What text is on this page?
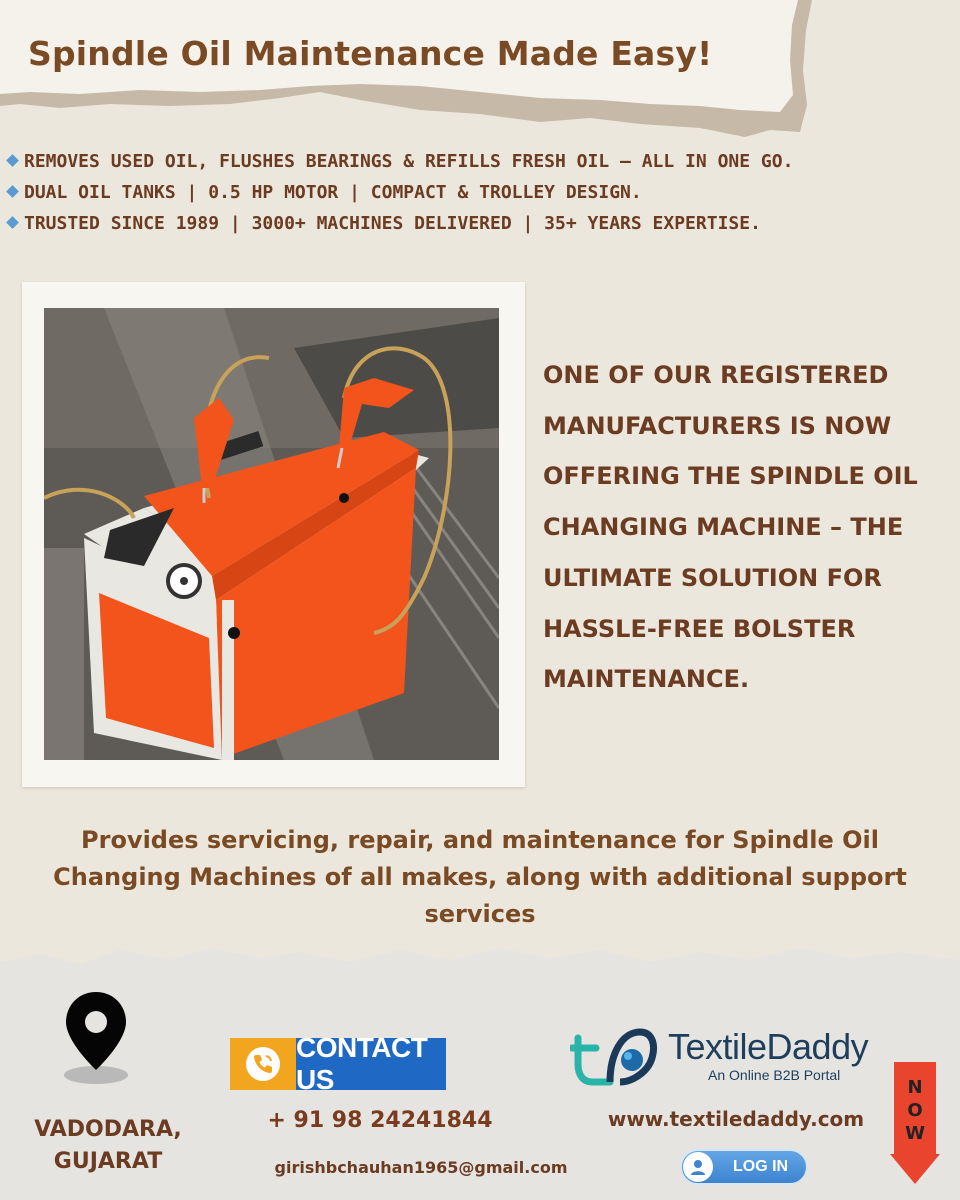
Spindle Oil Maintenance Made Easy!
REMOVES USED OIL, FLUSHES BEARINGS & REFILLS FRESH OIL – ALL IN ONE GO.
DUAL OIL TANKS | 0.5 HP MOTOR | COMPACT & TROLLEY DESIGN.
TRUSTED SINCE 1989 | 3000+ MACHINES DELIVERED | 35+ YEARS EXPERTISE.

ONE OF OUR REGISTERED MANUFACTURERS IS NOW OFFERING THE SPINDLE OIL CHANGING MACHINE – THE ULTIMATE SOLUTION FOR HASSLE-FREE BOLSTER MAINTENANCE.

Provides servicing, repair, and maintenance for Spindle Oil Changing Machines of all makes, along with additional support services

VADODARA,
GUJARAT

CONTACT US

+ 91 98 24241844

girishbchauhan1965@gmail.com

TextileDaddy

An Online B2B Portal

www.textiledaddy.com

LOG IN
N
O
W
